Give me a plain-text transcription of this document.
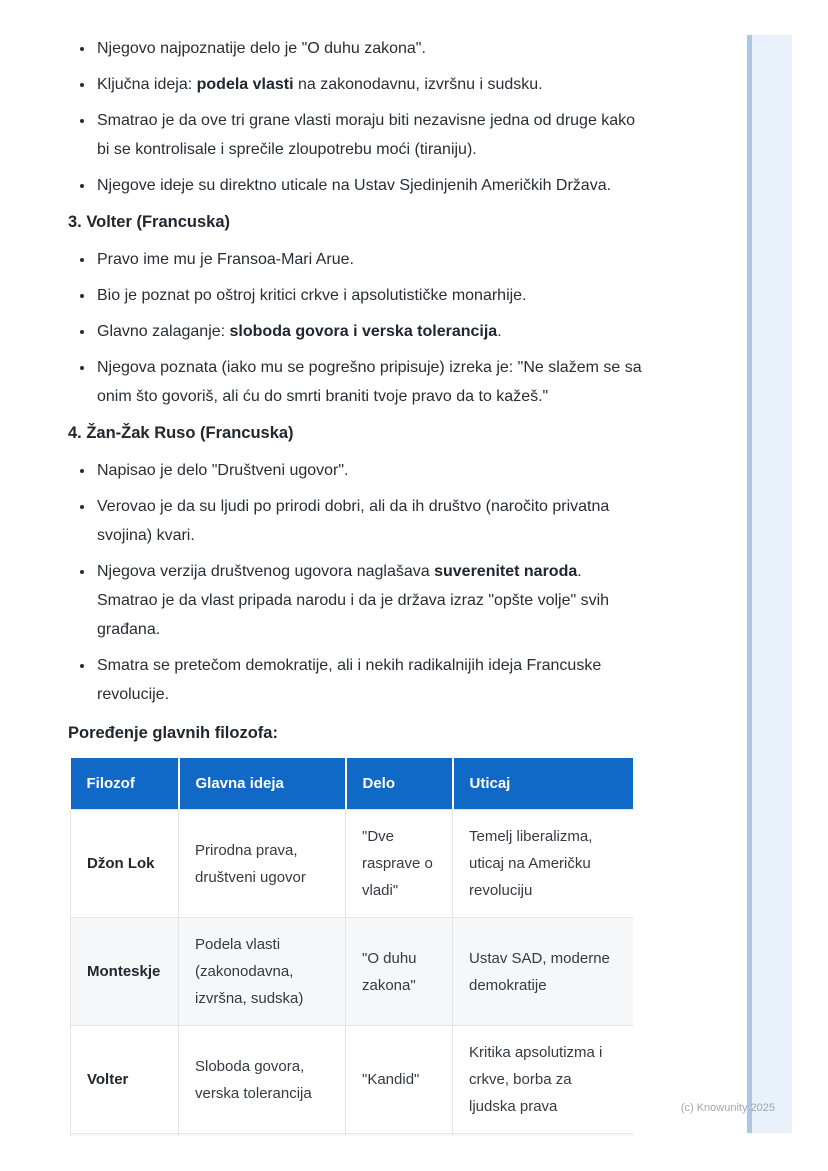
• Njegovo najpoznatije delo je "O duhu zakona".
• Ključna ideja: podela vlasti na zakonodavnu, izvršnu i sudsku.
• Smatrao je da ove tri grane vlasti moraju biti nezavisne jedna od druge kako bi se kontrolisale i sprečile zloupotrebu moći (tiraniju).
• Njegove ideje su direktno uticale na Ustav Sjedinjenih Američkih Država.
3. Volter (Francuska)
• Pravo ime mu je Fransoa-Mari Arue.
• Bio je poznat po oštroj kritici crkve i apsolutističke monarhije.
• Glavno zalaganje: sloboda govora i verska tolerancija.
• Njegova poznata (iako mu se pogrešno pripisuje) izreka je: "Ne slažem se sa onim što govoriš, ali ću do smrti braniti tvoje pravo da to kažeš."
4. Žan-Žak Ruso (Francuska)
• Napisao je delo "Društveni ugovor".
• Verovao je da su ljudi po prirodi dobri, ali da ih društvo (naročito privatna svojina) kvari.
• Njegova verzija društvenog ugovora naglašava suverenitet naroda. Smatrao je da vlast pripada narodu i da je država izraz "opšte volje" svih građana.
• Smatra se pretečom demokratije, ali i nekih radikalnijih ideja Francuske revolucije.

Poređenje glavnih filozofa:

Filozof	Glavna ideja	Delo	Uticaj
Džon Lok	Prirodna prava, društveni ugovor	"Dve rasprave o vladi"	Temelj liberalizma, uticaj na Američku revoluciju
Monteskje	Podela vlasti (zakonodavna, izvršna, sudska)	"O duhu zakona"	Ustav SAD, moderne demokratije
Volter	Sloboda govora, verska tolerancija	"Kandid"	Kritika apsolutizma i crkve, borba za ljudska prava
				(c) Knowunity 2025
